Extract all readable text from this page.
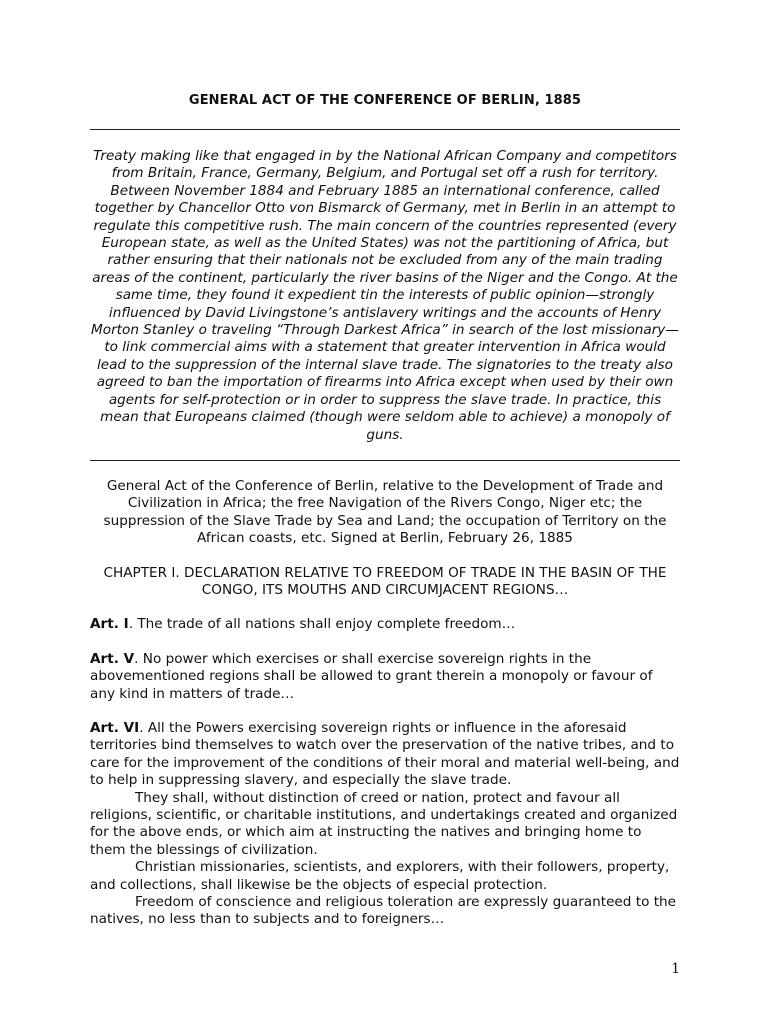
GENERAL ACT OF THE CONFERENCE OF BERLIN, 1885
Treaty making like that engaged in by the National African Company and competitors from Britain, France, Germany, Belgium, and Portugal set off a rush for territory. Between November 1884 and February 1885 an international conference, called together by Chancellor Otto von Bismarck of Germany, met in Berlin in an attempt to regulate this competitive rush. The main concern of the countries represented (every European state, as well as the United States) was not the partitioning of Africa, but rather ensuring that their nationals not be excluded from any of the main trading areas of the continent, particularly the river basins of the Niger and the Congo. At the same time, they found it expedient tin the interests of public opinion—strongly influenced by David Livingstone’s antislavery writings and the accounts of Henry Morton Stanley o traveling “Through Darkest Africa” in search of the lost missionary—to link commercial aims with a statement that greater intervention in Africa would lead to the suppression of the internal slave trade. The signatories to the treaty also agreed to ban the importation of firearms into Africa except when used by their own agents for self-protection or in order to suppress the slave trade. In practice, this mean that Europeans claimed (though were seldom able to achieve) a monopoly of guns.
General Act of the Conference of Berlin, relative to the Development of Trade and Civilization in Africa; the free Navigation of the Rivers Congo, Niger etc; the suppression of the Slave Trade by Sea and Land; the occupation of Territory on the African coasts, etc. Signed at Berlin, February 26, 1885
CHAPTER I. DECLARATION RELATIVE TO FREEDOM OF TRADE IN THE BASIN OF THE CONGO, ITS MOUTHS AND CIRCUMJACENT REGIONS…
Art. I. The trade of all nations shall enjoy complete freedom…
Art. V. No power which exercises or shall exercise sovereign rights in the abovementioned regions shall be allowed to grant therein a monopoly or favour of any kind in matters of trade…
Art. VI. All the Powers exercising sovereign rights or influence in the aforesaid territories bind themselves to watch over the preservation of the native tribes, and to care for the improvement of the conditions of their moral and material well-being, and to help in suppressing slavery, and especially the slave trade.
They shall, without distinction of creed or nation, protect and favour all religions, scientific, or charitable institutions, and undertakings created and organized for the above ends, or which aim at instructing the natives and bringing home to them the blessings of civilization.
Christian missionaries, scientists, and explorers, with their followers, property, and collections, shall likewise be the objects of especial protection.
Freedom of conscience and religious toleration are expressly guaranteed to the natives, no less than to subjects and to foreigners…
1
